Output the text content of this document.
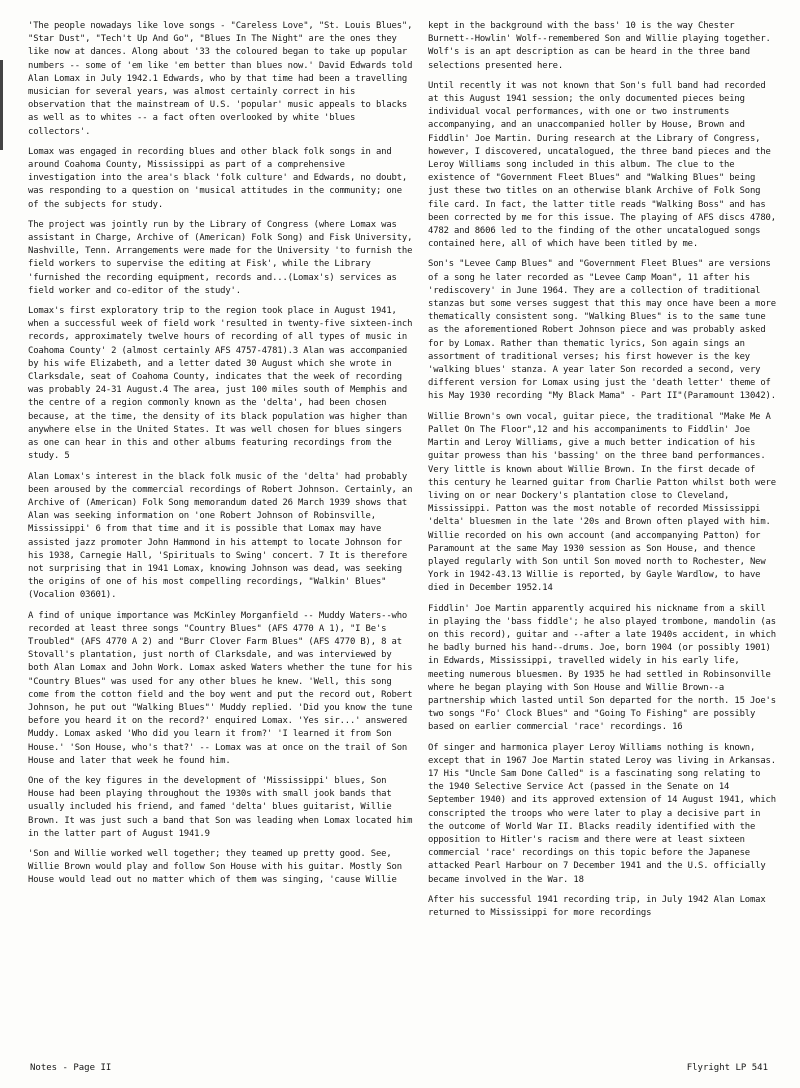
'The people nowadays like love songs - "Careless Love", "St. Louis Blues", "Star Dust", "Tech't Up And Go", "Blues In The Night" are the ones they like now at dances. Along about '33 the coloured began to take up popular numbers -- some of 'em like 'em better than blues now.' David Edwards told Alan Lomax in July 1942.1 Edwards, who by that time had been a travelling musician for several years, was almost certainly correct in his observation that the mainstream of U.S. 'popular' music appeals to blacks as well as to whites -- a fact often overlooked by white 'blues collectors'.

Lomax was engaged in recording blues and other black folk songs in and around Coahoma County, Mississippi as part of a comprehensive investigation into the area's black 'folk culture' and Edwards, no doubt, was responding to a question on 'musical attitudes in the community; one of the subjects for study.

The project was jointly run by the Library of Congress (where Lomax was assistant in Charge, Archive of (American) Folk Song) and Fisk University, Nashville, Tenn. Arrangements were made for the University 'to furnish the field workers to supervise the editing at Fisk', while the Library 'furnished the recording equipment, records and...(Lomax's) services as field worker and co-editor of the study'.

Lomax's first exploratory trip to the region took place in August 1941, when a successful week of field work 'resulted in twenty-five sixteen-inch records, approximately twelve hours of recording of all types of music in Coahoma County' 2 (almost certainly AFS 4757-4781).3 Alan was accompanied by his wife Elizabeth, and a letter dated 30 August which she wrote in Clarksdale, seat of Coahoma County, indicates that the week of recording was probably 24-31 August.4 The area, just 100 miles south of Memphis and the centre of a region commonly known as the 'delta', had been chosen because, at the time, the density of its black population was higher than anywhere else in the United States. It was well chosen for blues singers as one can hear in this and other albums featuring recordings from the study. 5

Alan Lomax's interest in the black folk music of the 'delta' had probably been aroused by the commercial recordings of Robert Johnson. Certainly, an Archive of (American) Folk Song memorandum dated 26 March 1939 shows that Alan was seeking information on 'one Robert Johnson of Robinsville, Mississippi' 6 from that time and it is possible that Lomax may have assisted jazz promoter John Hammond in his attempt to locate Johnson for his 1938, Carnegie Hall, 'Spirituals to Swing' concert. 7 It is therefore not surprising that in 1941 Lomax, knowing Johnson was dead, was seeking the origins of one of his most compelling recordings, "Walkin' Blues" (Vocalion 03601).

A find of unique importance was McKinley Morganfield -- Muddy Waters--who recorded at least three songs "Country Blues" (AFS 4770 A 1), "I Be's Troubled" (AFS 4770 A 2) and "Burr Clover Farm Blues" (AFS 4770 B), 8 at Stovall's plantation, just north of Clarksdale, and was interviewed by both Alan Lomax and John Work. Lomax asked Waters whether the tune for his "Country Blues" was used for any other blues he knew. 'Well, this song come from the cotton field and the boy went and put the record out, Robert Johnson, he put out "Walking Blues"' Muddy replied. 'Did you know the tune before you heard it on the record?' enquired Lomax. 'Yes sir...' answered Muddy. Lomax asked 'Who did you learn it from?' 'I learned it from Son House.' 'Son House, who's that?' -- Lomax was at once on the trail of Son House and later that week he found him.

One of the key figures in the development of 'Mississippi' blues, Son House had been playing throughout the 1930s with small jook bands that usually included his friend, and famed 'delta' blues guitarist, Willie Brown. It was just such a band that Son was leading when Lomax located him in the latter part of August 1941.9

'Son and Willie worked well together; they teamed up pretty good. See, Willie Brown would play and follow Son House with his guitar. Mostly Son House would lead out no matter which of them was singing, 'cause Willie

kept in the background with the bass' 10 is the way Chester Burnett--Howlin' Wolf--remembered Son and Willie playing together. Wolf's is an apt description as can be heard in the three band selections presented here.

Until recently it was not known that Son's full band had recorded at this August 1941 session; the only documented pieces being individual vocal performances, with one or two instruments accompanying, and an unaccompanied holler by House, Brown and Fiddlin' Joe Martin. During research at the Library of Congress, however, I discovered, uncatalogued, the three band pieces and the Leroy Williams song included in this album. The clue to the existence of "Government Fleet Blues" and "Walking Blues" being just these two titles on an otherwise blank Archive of Folk Song file card. In fact, the latter title reads "Walking Boss" and has been corrected by me for this issue. The playing of AFS discs 4780, 4782 and 8606 led to the finding of the other uncatalogued songs contained here, all of which have been titled by me.

Son's "Levee Camp Blues" and "Government Fleet Blues" are versions of a song he later recorded as "Levee Camp Moan", 11 after his 'rediscovery' in June 1964. They are a collection of traditional stanzas but some verses suggest that this may once have been a more thematically consistent song. "Walking Blues" is to the same tune as the aforementioned Robert Johnson piece and was probably asked for by Lomax. Rather than thematic lyrics, Son again sings an assortment of traditional verses; his first however is the key 'walking blues' stanza. A year later Son recorded a second, very different version for Lomax using just the 'death letter' theme of his May 1930 recording "My Black Mama" - Part II"(Paramount 13042).

Willie Brown's own vocal, guitar piece, the traditional "Make Me A Pallet On The Floor",12 and his accompaniments to Fiddlin' Joe Martin and Leroy Williams, give a much better indication of his guitar prowess than his 'bassing' on the three band performances. Very little is known about Willie Brown. In the first decade of this century he learned guitar from Charlie Patton whilst both were living on or near Dockery's plantation close to Cleveland, Mississippi. Patton was the most notable of recorded Mississippi 'delta' bluesmen in the late '20s and Brown often played with him. Willie recorded on his own account (and accompanying Patton) for Paramount at the same May 1930 session as Son House, and thence played regularly with Son until Son moved north to Rochester, New York in 1942-43.13 Willie is reported, by Gayle Wardlow, to have died in December 1952.14

Fiddlin' Joe Martin apparently acquired his nickname from a skill in playing the 'bass fiddle'; he also played trombone, mandolin (as on this record), guitar and --after a late 1940s accident, in which he badly burned his hand--drums. Joe, born 1904 (or possibly 1901) in Edwards, Mississippi, travelled widely in his early life, meeting numerous bluesmen. By 1935 he had settled in Robinsonville where he began playing with Son House and Willie Brown--a partnership which lasted until Son departed for the north. 15 Joe's two songs "Fo' Clock Blues" and "Going To Fishing" are possibly based on earlier commercial 'race' recordings. 16

Of singer and harmonica player Leroy Williams nothing is known, except that in 1967 Joe Martin stated Leroy was living in Arkansas. 17 His "Uncle Sam Done Called" is a fascinating song relating to the 1940 Selective Service Act (passed in the Senate on 14 September 1940) and its approved extension of 14 August 1941, which conscripted the troops who were later to play a decisive part in the outcome of World War II. Blacks readily identified with the opposition to Hitler's racism and there were at least sixteen commercial 'race' recordings on this topic before the Japanese attacked Pearl Harbour on 7 December 1941 and the U.S. officially became involved in the War. 18

After his successful 1941 recording trip, in July 1942 Alan Lomax returned to Mississippi for more recordings

Notes - Page II	Flyright LP 541
